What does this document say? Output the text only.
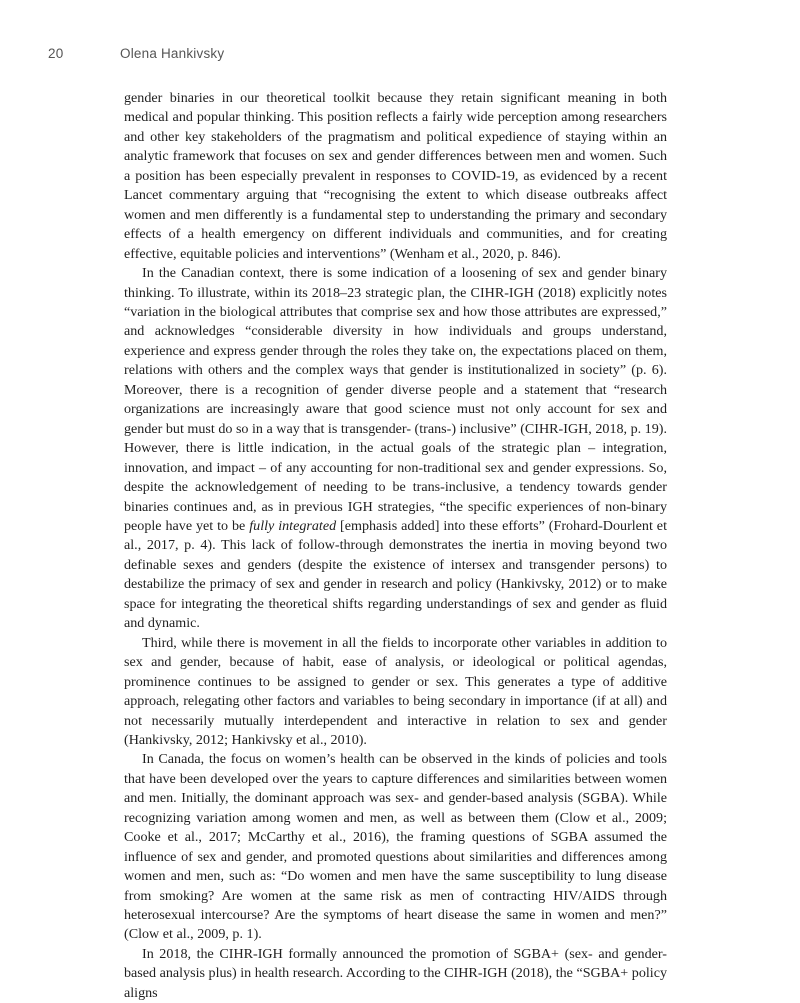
20	Olena Hankivsky

gender binaries in our theoretical toolkit because they retain significant meaning in both medical and popular thinking. This position reflects a fairly wide perception among researchers and other key stakeholders of the pragmatism and political expedience of staying within an analytic framework that focuses on sex and gender differences between men and women. Such a position has been especially prevalent in responses to COVID-19, as evidenced by a recent Lancet commentary arguing that “recognising the extent to which disease outbreaks affect women and men differently is a fundamental step to understanding the primary and secondary effects of a health emergency on different individuals and communities, and for creating effective, equitable policies and interventions” (Wenham et al., 2020, p. 846).

In the Canadian context, there is some indication of a loosening of sex and gender binary thinking. To illustrate, within its 2018–23 strategic plan, the CIHR-IGH (2018) explicitly notes “variation in the biological attributes that comprise sex and how those attributes are expressed,” and acknowledges “considerable diversity in how individuals and groups understand, experience and express gender through the roles they take on, the expectations placed on them, relations with others and the complex ways that gender is institutionalized in society” (p. 6). Moreover, there is a recognition of gender diverse people and a statement that “research organizations are increasingly aware that good science must not only account for sex and gender but must do so in a way that is transgender- (trans-) inclusive” (CIHR-IGH, 2018, p. 19). However, there is little indication, in the actual goals of the strategic plan – integration, innovation, and impact – of any accounting for non-traditional sex and gender expressions. So, despite the acknowledgement of needing to be trans-inclusive, a tendency towards gender binaries continues and, as in previous IGH strategies, “the specific experiences of non-binary people have yet to be fully integrated [emphasis added] into these efforts” (Frohard-Dourlent et al., 2017, p. 4). This lack of follow-through demonstrates the inertia in moving beyond two definable sexes and genders (despite the existence of intersex and transgender persons) to destabilize the primacy of sex and gender in research and policy (Hankivsky, 2012) or to make space for integrating the theoretical shifts regarding understandings of sex and gender as fluid and dynamic.

Third, while there is movement in all the fields to incorporate other variables in addition to sex and gender, because of habit, ease of analysis, or ideological or political agendas, prominence continues to be assigned to gender or sex. This generates a type of additive approach, relegating other factors and variables to being secondary in importance (if at all) and not necessarily mutually interdependent and interactive in relation to sex and gender (Hankivsky, 2012; Hankivsky et al., 2010).

In Canada, the focus on women’s health can be observed in the kinds of policies and tools that have been developed over the years to capture differences and similarities between women and men. Initially, the dominant approach was sex- and gender-based analysis (SGBA). While recognizing variation among women and men, as well as between them (Clow et al., 2009; Cooke et al., 2017; McCarthy et al., 2016), the framing questions of SGBA assumed the influence of sex and gender, and promoted questions about similarities and differences among women and men, such as: “Do women and men have the same susceptibility to lung disease from smoking? Are women at the same risk as men of contracting HIV/AIDS through heterosexual intercourse? Are the symptoms of heart disease the same in women and men?” (Clow et al., 2009, p. 1).

In 2018, the CIHR-IGH formally announced the promotion of SGBA+ (sex- and gender-based analysis plus) in health research. According to the CIHR-IGH (2018), the “SGBA+ policy aligns
